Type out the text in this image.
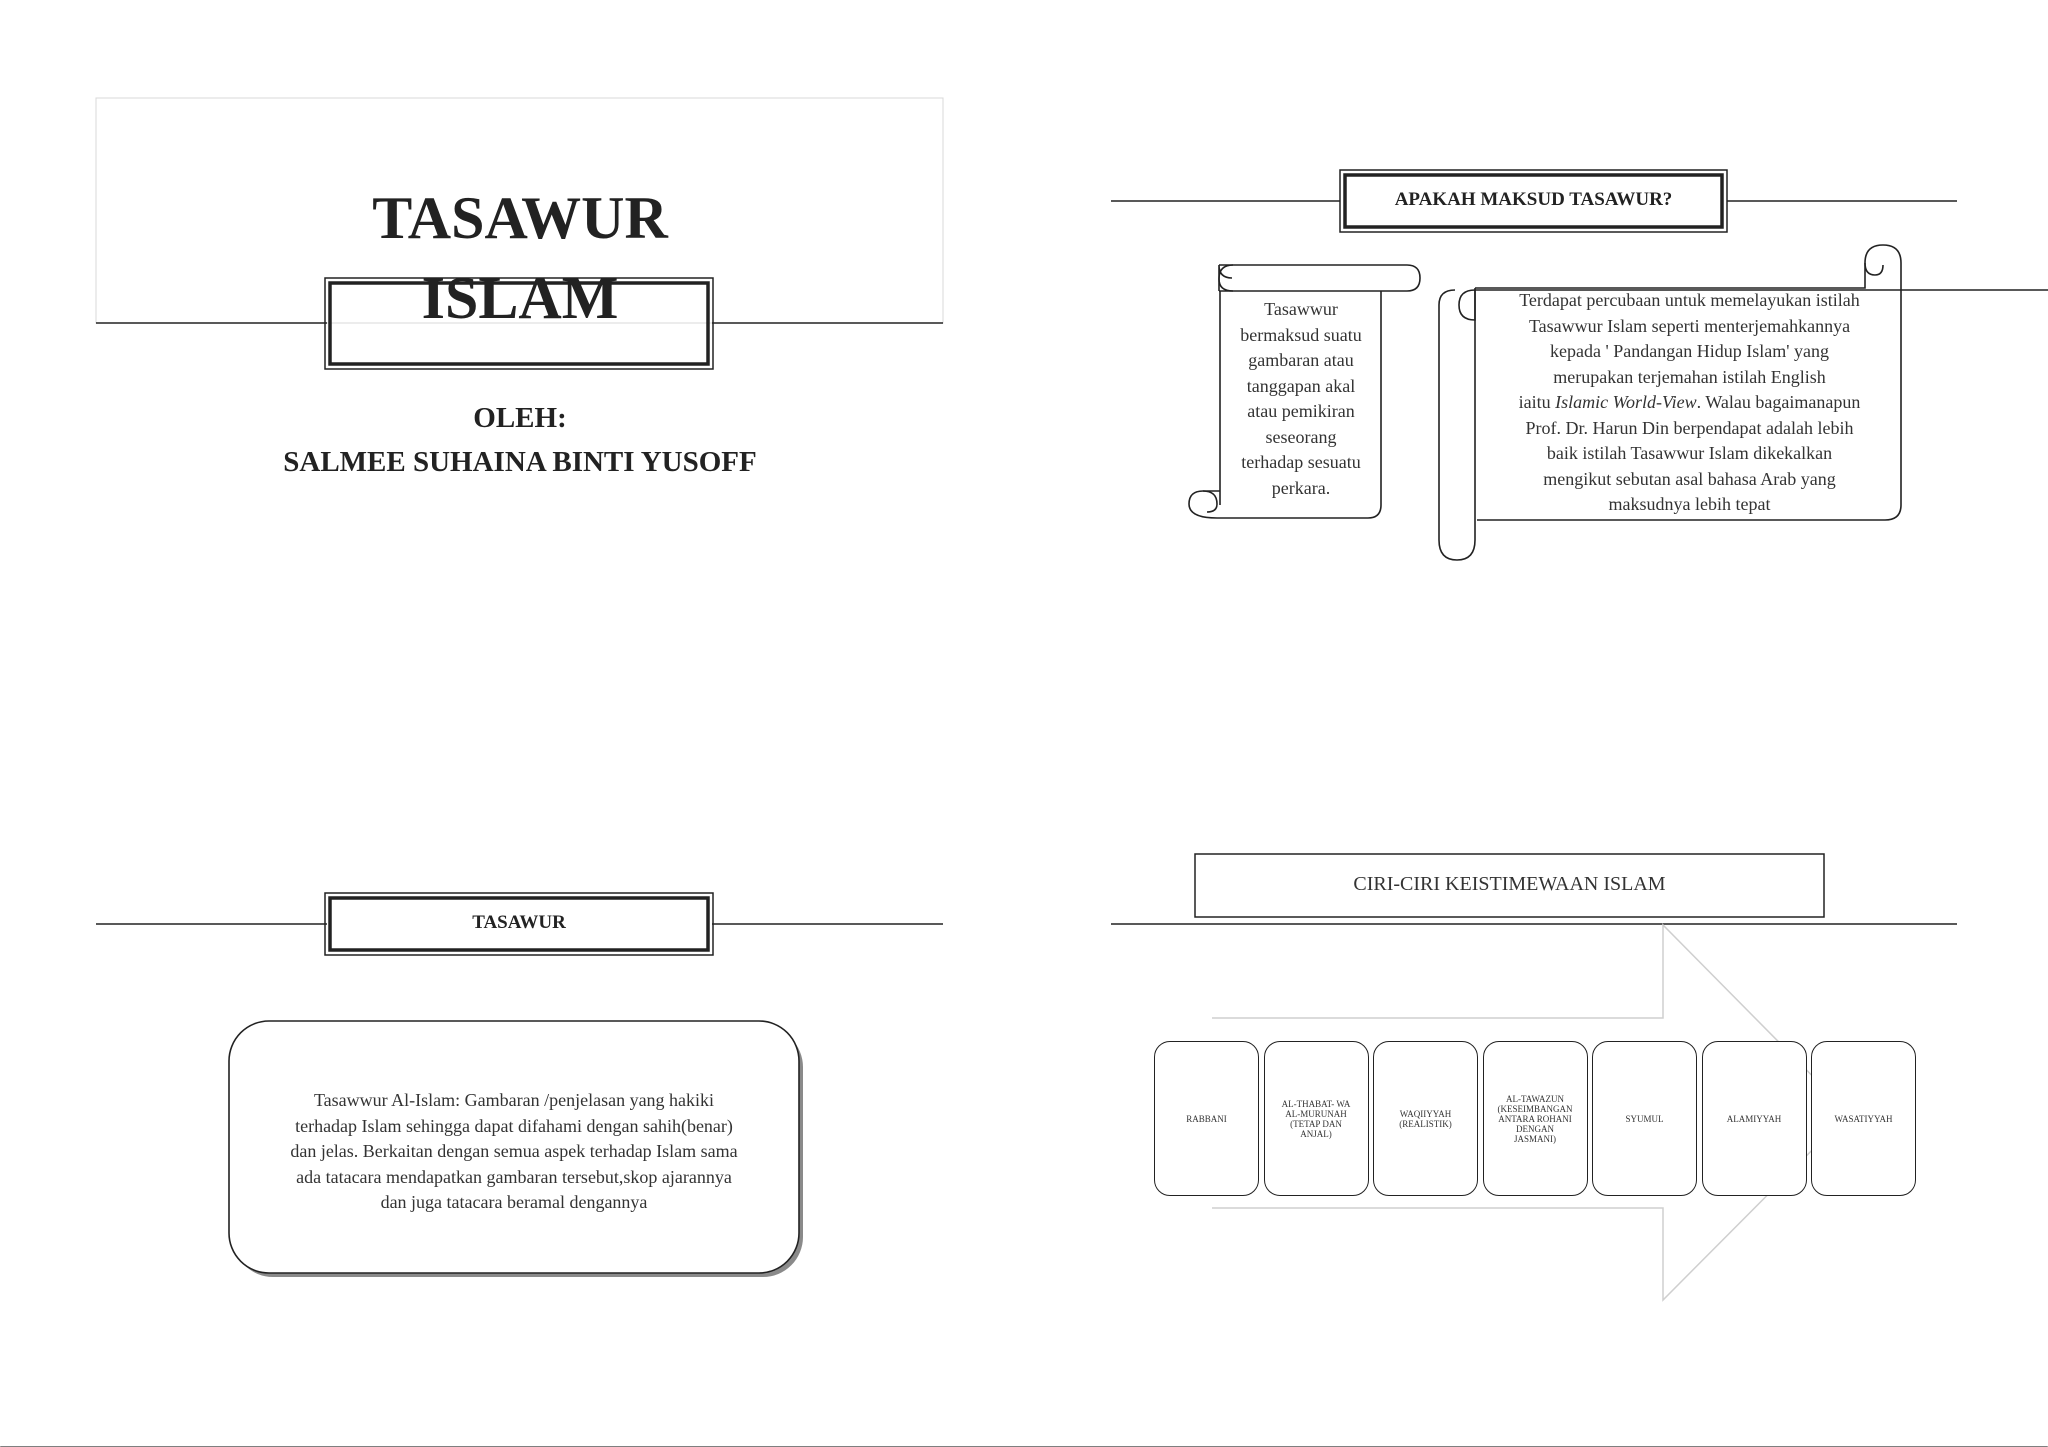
TASAWUR
ISLAM
OLEH:
SALMEE SUHAINA BINTI YUSOFF
APAKAH MAKSUD TASAWUR?
Tasawwur
bermaksud suatu
gambaran atau
tanggapan akal
atau pemikiran
seseorang
terhadap sesuatu
perkara.
Terdapat percubaan untuk memelayukan istilah
Tasawwur Islam seperti menterjemahkannya
kepada ' Pandangan Hidup Islam' yang
merupakan terjemahan istilah English
iaitu Islamic World-View. Walau bagaimanapun
Prof. Dr. Harun Din berpendapat adalah lebih
baik istilah Tasawwur Islam dikekalkan
mengikut sebutan asal bahasa Arab yang
maksudnya lebih tepat
TASAWUR
Tasawwur Al-Islam: Gambaran /penjelasan yang hakiki
terhadap Islam sehingga dapat difahami dengan sahih(benar)
dan jelas. Berkaitan dengan semua aspek terhadap Islam sama
ada tatacara mendapatkan gambaran tersebut,skop ajarannya
dan juga tatacara beramal dengannya
CIRI-CIRI KEISTIMEWAAN ISLAM
RABBANI
AL-THABAT- WA
AL-MURUNAH
(TETAP DAN
ANJAL)
WAQIIYYAH
(REALISTIK)
AL-TAWAZUN
(KESEIMBANGAN
ANTARA ROHANI
DENGAN
JASMANI)
SYUMUL	ALAMIYYAH	WASATIYYAH
